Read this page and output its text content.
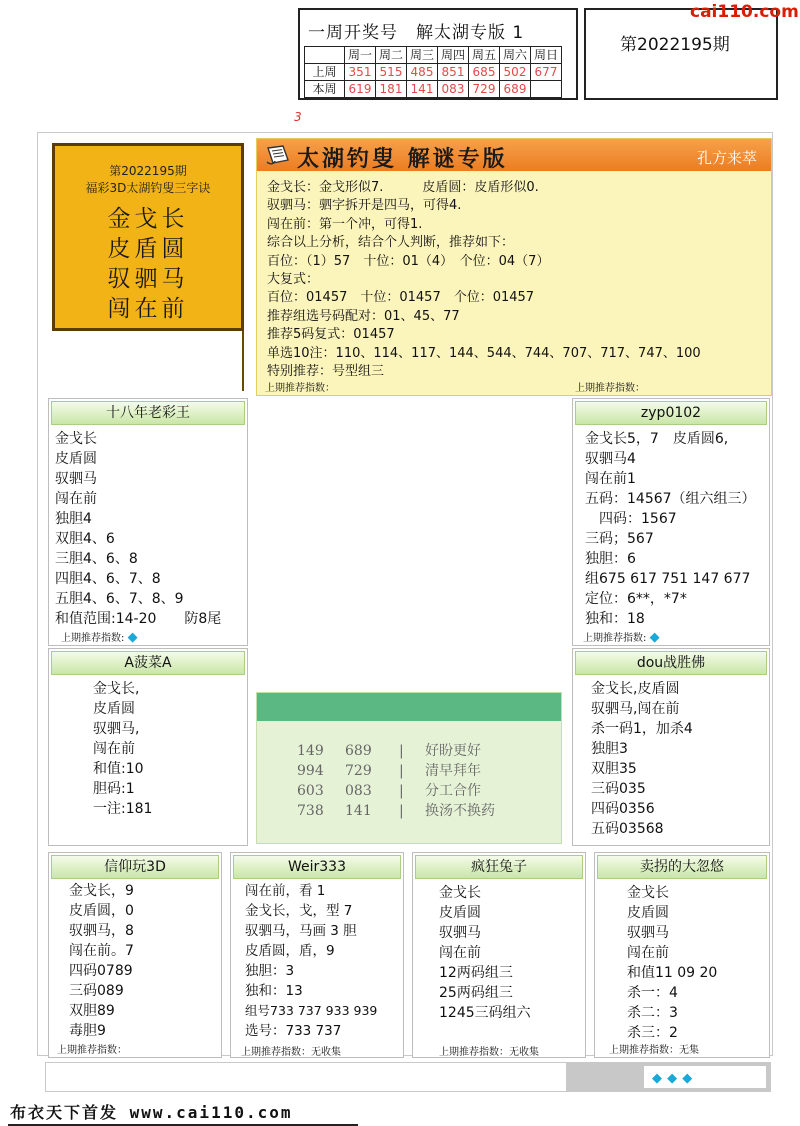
一周开奖号　解太湖专版 1
	周一	周二	周三	周四	周五	周六	周日
上周	351	515	485	851	685	502	677
本周	619	181	141	083	729	689	
第2022195期
cai110.com
3
第2022195期
福彩3D太湖钓叟三字诀
金戈长
皮盾圆
驭驷马
闯在前
太湖钓叟 解谜专版	孔方来萃
金戈长：金戈形似7.　　　皮盾圆：皮盾形似0.
驭驷马：驷字拆开是四马，可得4.
闯在前：第一个冲，可得1.
综合以上分析，结合个人判断，推荐如下：
百位：（1）57　十位：01（4）　个位：04（7）
大复式：
百位：01457　十位：01457　个位：01457
推荐组选号码配对：01、45、77
推荐5码复式：01457
单选10注：110、114、117、144、544、744、707、717、747、100
特别推荐：号型组三
上期推荐指数：	上期推荐指数：
十八年老彩王
金戈长
皮盾圆
驭驷马
闯在前
独胆4
双胆4、6
三胆4、6、8
四胆4、6、7、8
五胆4、6、7、8、9
和值范围:14-20　　防8尾
上期推荐指数: ◆
zyp0102
金戈长5，7　皮盾圆6,
驭驷马4
闯在前1
五码：14567（组六组三）
　四码：1567
三码；567
独胆：6
组675 617 751 147 677
定位：6**，*7*
独和：18
上期推荐指数: ◆
A菠菜A
金戈长,
皮盾圆
驭驷马,
闯在前
和值:10
胆码:1
一注:181
dou战胜佛
金戈长,皮盾圆
驭驷马,闯在前
杀一码1，加杀4
独胆3
双胆35
三码035
四码0356
五码03568
149 689 | 好盼更好
994 729 | 清早拜年
603 083 | 分工合作
738 141 | 换汤不换药
信仰玩3D
金戈长，9
皮盾圆，0
驭驷马，8
闯在前。7
四码0789
三码089
双胆89
毒胆9
上期推荐指数：
Weir333
闯在前，看 1
金戈长，戈，型 7
驭驷马，马画 3 胆
皮盾圆，盾，9
独胆：3
独和：13
组号733 737 933 939
选号：733 737
上期推荐指数：无收集
疯狂兔子
金戈长
皮盾圆
驭驷马
闯在前
12两码组三
25两码组三
1245三码组六
上期推荐指数：无收集
卖拐的大忽悠
金戈长
皮盾圆
驭驷马
闯在前
和值11 09 20
杀一：4
杀二：3
杀三：2
上期推荐指数：无集
◆ ◆ ◆
布衣天下首发 www.cai110.com
